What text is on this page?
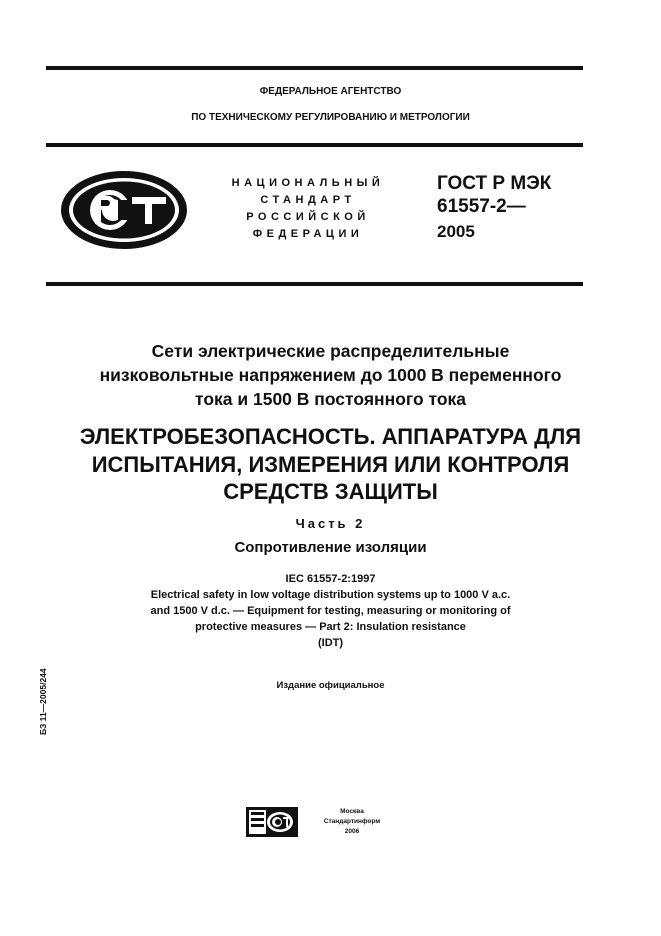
ФЕДЕРАЛЬНОЕ АГЕНТСТВО
ПО ТЕХНИЧЕСКОМУ РЕГУЛИРОВАНИЮ И МЕТРОЛОГИИ
НАЦИОНАЛЬНЫЙ
СТАНДАРТ
РОССИЙСКОЙ
ФЕДЕРАЦИИ
ГОСТ Р МЭК
61557-2—
2005
Сети электрические распределительные
низковольтные напряжением до 1000 В переменного
тока и 1500 В постоянного тока
ЭЛЕКТРОБЕЗОПАСНОСТЬ. АППАРАТУРА ДЛЯ
ИСПЫТАНИЯ, ИЗМЕРЕНИЯ ИЛИ КОНТРОЛЯ
СРЕДСТВ ЗАЩИТЫ
Часть 2
Сопротивление изоляции
IEC 61557-2:1997
Electrical safety in low voltage distribution systems up to 1000 V a.c.
and 1500 V d.c. — Equipment for testing, measuring or monitoring of
protective measures — Part 2: Insulation resistance
(IDT)
Издание официальное
БЗ 11—2005/244
Москва
Стандартинформ
2006
